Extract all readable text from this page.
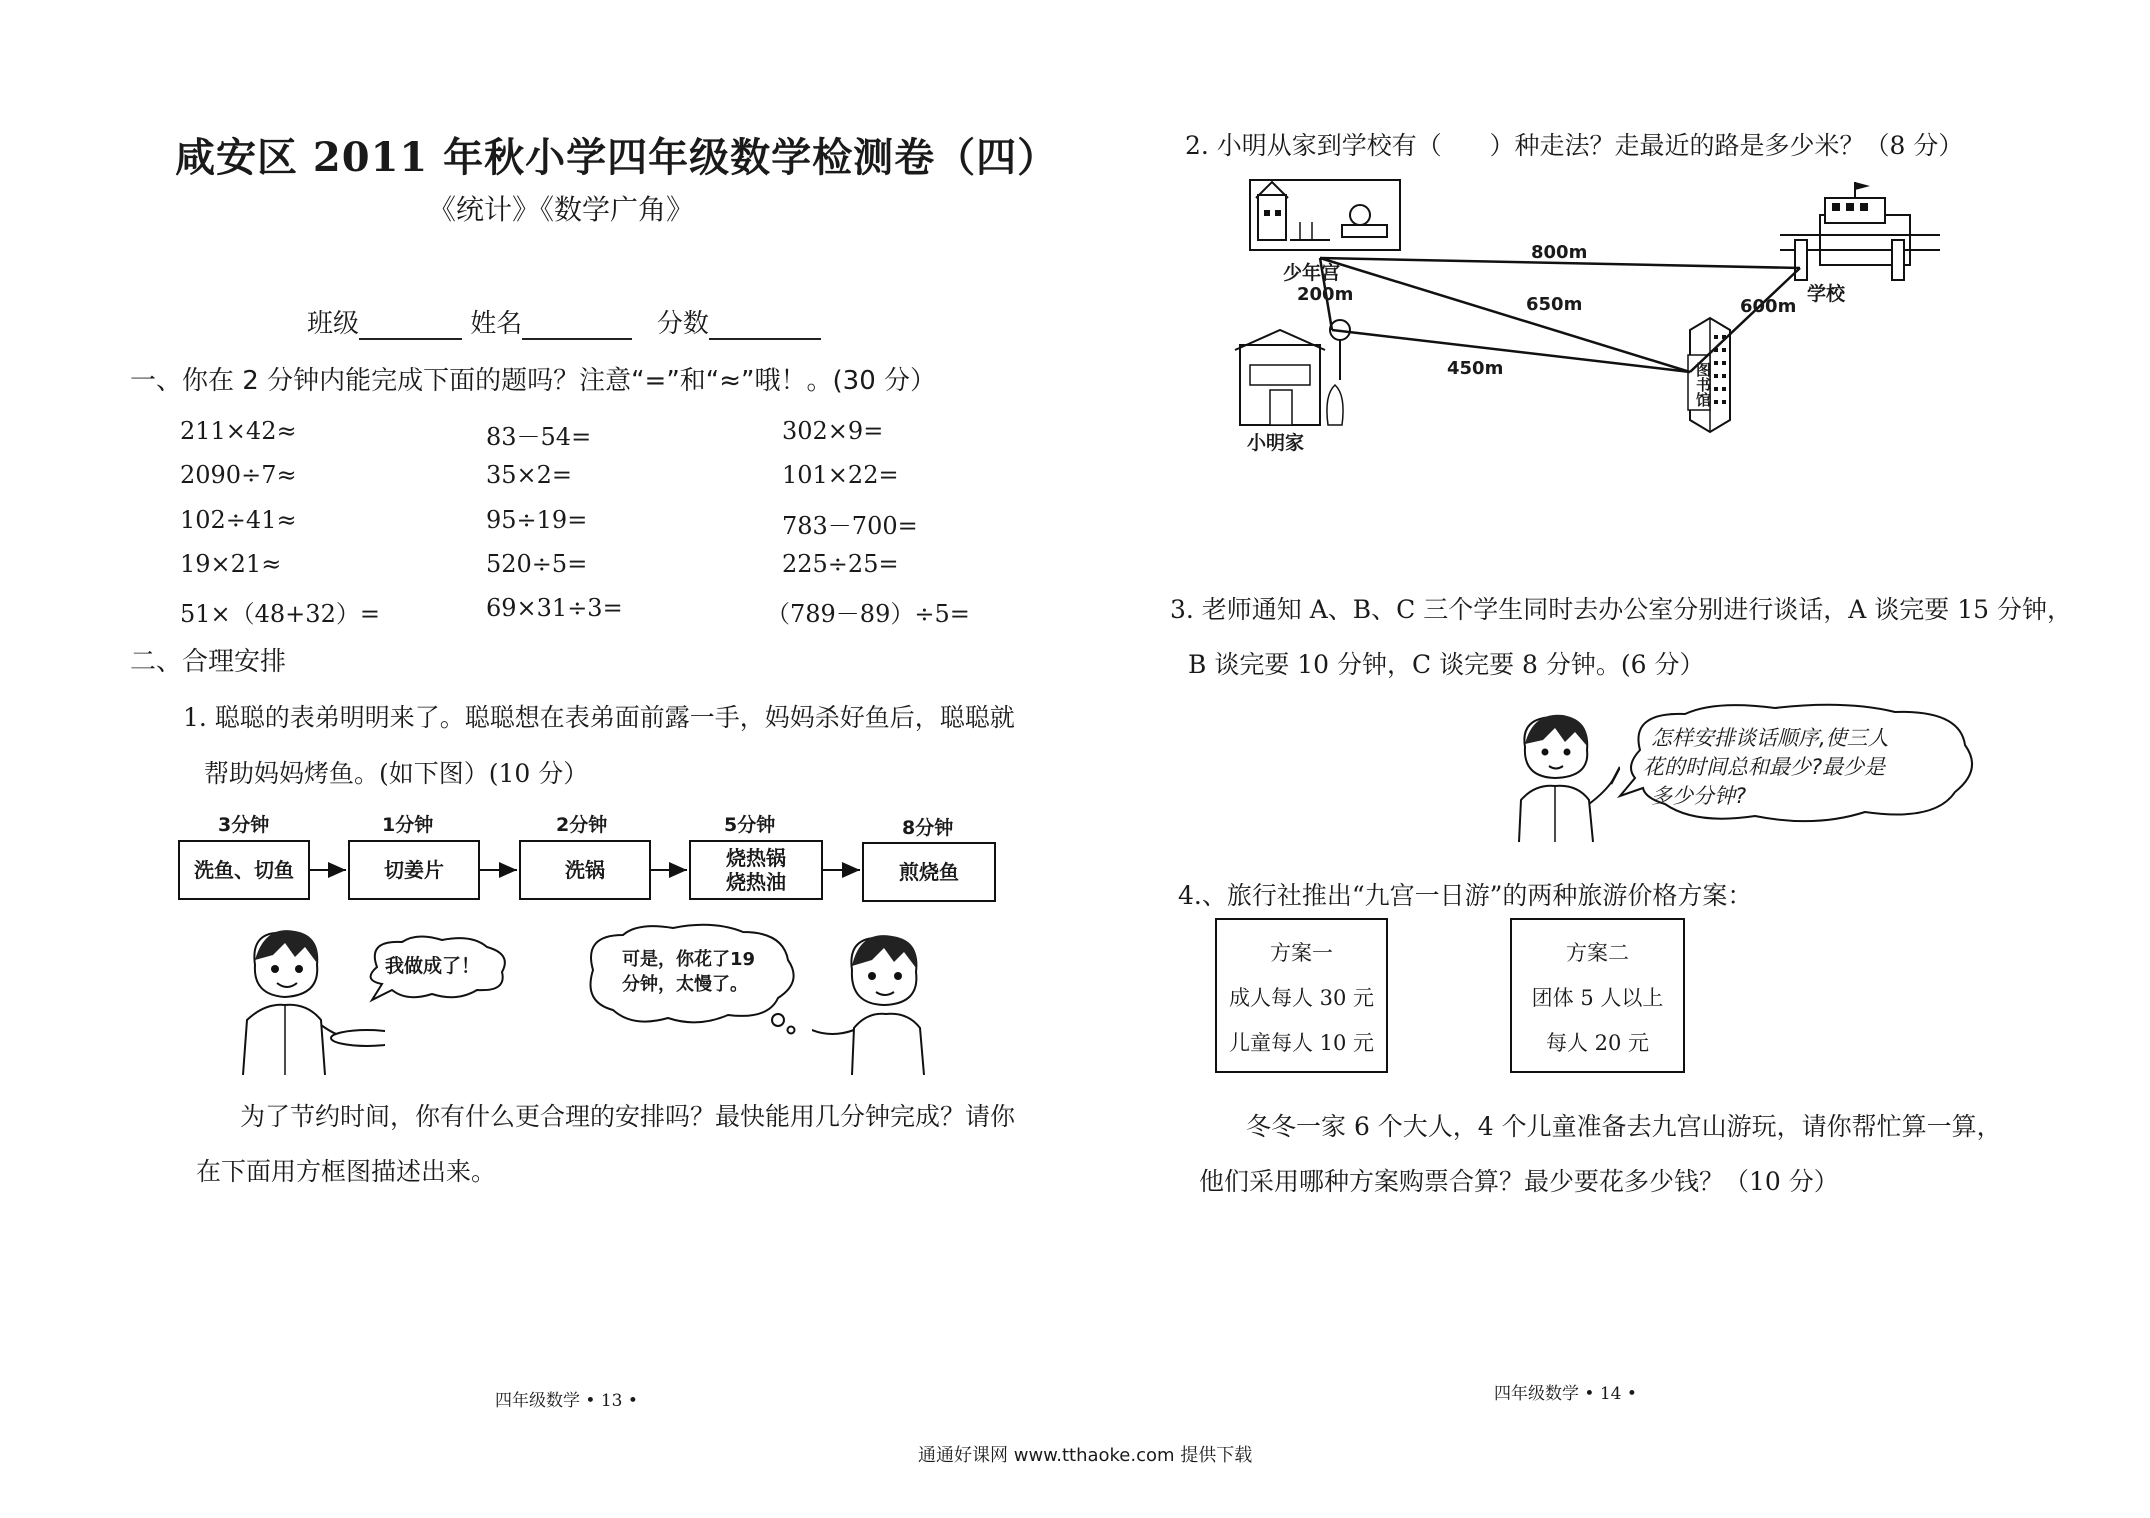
咸安区 2011 年秋小学四年级数学检测卷（四）
《统计》《数学广角》
班级	姓名	分数
一、你在 2 分钟内能完成下面的题吗？注意“=”和“≈”哦！。(30 分）
211×42≈	83－54=	302×9=
2090÷7≈	35×2=	101×22=
102÷41≈	95÷19=	783－700=
19×21≈	520÷5=	225÷25=
51×（48+32）=	69×31÷3=	（789－89）÷5=
二、合理安排
1. 聪聪的表弟明明来了。聪聪想在表弟面前露一手，妈妈杀好鱼后，聪聪就
帮助妈妈烤鱼。(如下图）(10 分）
3分钟	1分钟	2分钟	5分钟	8分钟
洗鱼、切鱼	切姜片	洗锅	烧热锅
烧热油	煎烧鱼
我做成了！	可是，你花了19
分钟，太慢了。
为了节约时间，你有什么更合理的安排吗？最快能用几分钟完成？请你
在下面用方框图描述出来。
四年级数学 • 13 •
2. 小明从家到学校有（      ）种走法？走最近的路是多少米？（8 分）
少年宫
学校
小明家
图书馆
800m
200m	650m	600m
450m
3. 老师通知 A、B、C 三个学生同时去办公室分别进行谈话，A 谈完要 15 分钟，
B 谈完要 10 分钟，C 谈完要 8 分钟。(6 分）
怎样安排谈话顺序,使三人
花的时间总和最少?最少是
多少分钟?
4.、旅行社推出“九宫一日游”的两种旅游价格方案：
方案一
成人每人 30 元
儿童每人 10 元
方案二
团体 5 人以上
每人 20 元
冬冬一家 6 个大人，4 个儿童准备去九宫山游玩，请你帮忙算一算，
他们采用哪种方案购票合算？最少要花多少钱？（10 分）
四年级数学 • 14 •
通通好课网 www.tthaoke.com 提供下载
